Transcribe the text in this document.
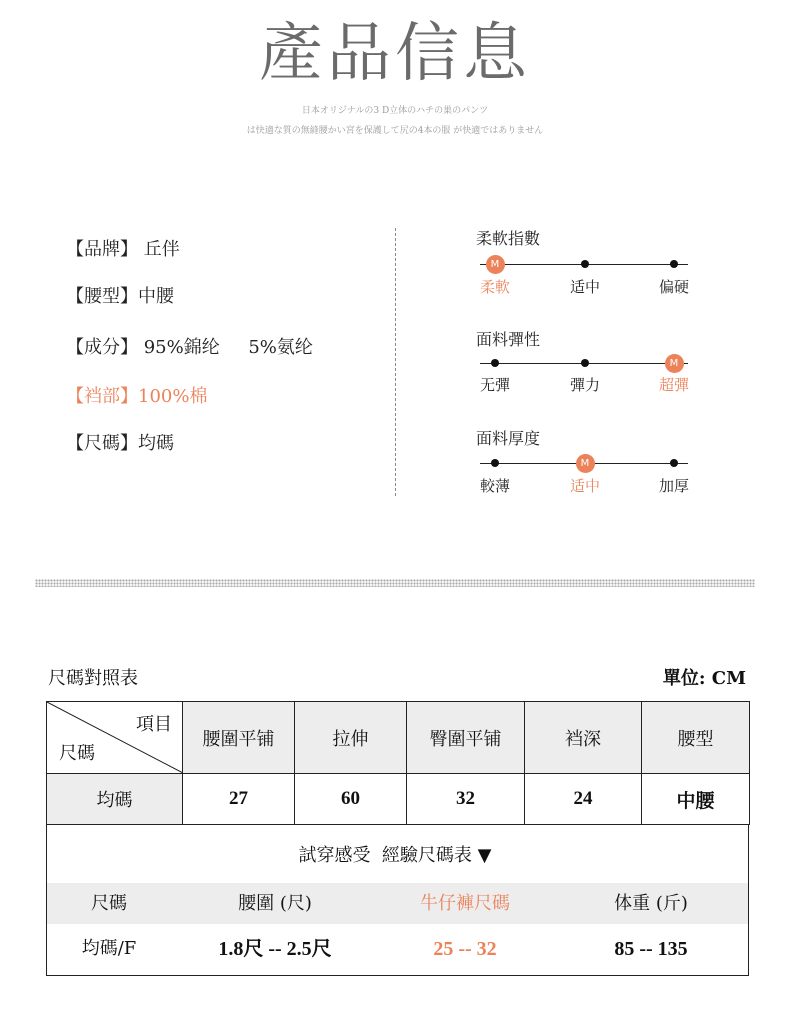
產品信息
日本オリジナルの3 D立体のハチの巣のパンツ
は快適な質の無縫腰かい宮を保護して尻の4本の服 が快適ではありません
【品牌】 丘伴
【腰型】中腰
【成分】 95%錦纶     5%氨纶
【裆部】100%棉
【尺碼】均碼
柔軟指數
柔軟	适中	偏硬
M
面料彈性
无彈	彈力	超彈
M
面料厚度
較薄	适中	加厚
M
尺碼對照表	單位: CM
項目
尺碼	腰圍平铺	拉伸	臀圍平铺	裆深	腰型
均碼	27	60	32	24	中腰
試穿感受  經驗尺碼表 ▼
尺碼	腰圍 (尺)	牛仔褲尺碼	体重 (斤)
均碼/F	1.8尺 -- 2.5尺	25 -- 32	85 -- 135
